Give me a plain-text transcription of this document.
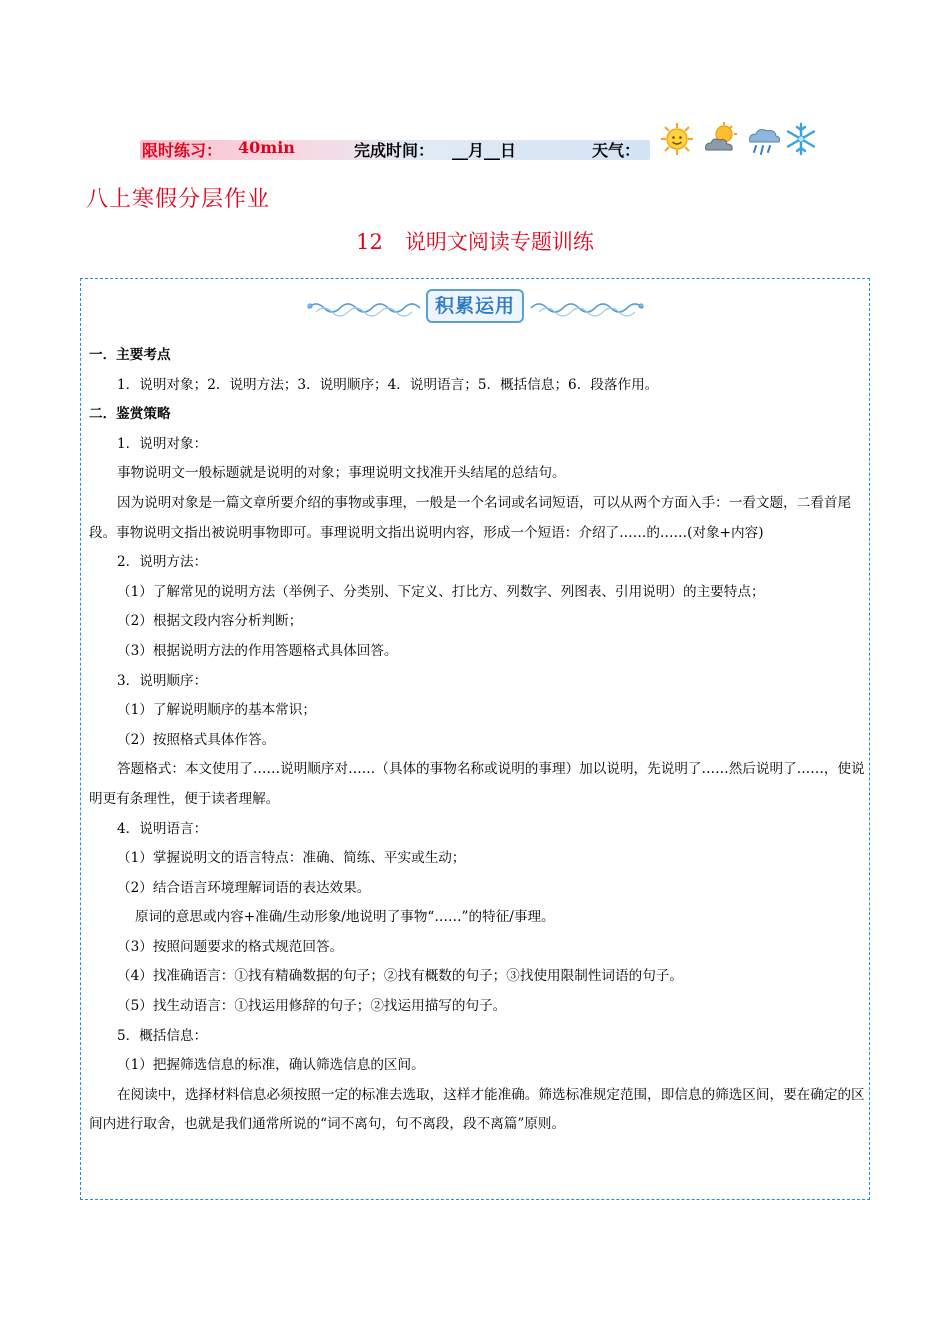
限时练习： 40min	完成时间： __月__日	天气：
八上寒假分层作业
12 说明文阅读专题训练
积累运用

一．主要考点

1．说明对象；2．说明方法；3．说明顺序；4．说明语言；5．概括信息；6．段落作用。

二．鉴赏策略

1．说明对象：

事物说明文一般标题就是说明的对象；事理说明文找准开头结尾的总结句。

因为说明对象是一篇文章所要介绍的事物或事理，一般是一个名词或名词短语，可以从两个方面入手：一看文题，二看首尾段。事物说明文指出被说明事物即可。事理说明文指出说明内容，形成一个短语：介绍了……的……(对象+内容)

2．说明方法：

（1）了解常见的说明方法（举例子、分类别、下定义、打比方、列数字、列图表、引用说明）的主要特点；

（2）根据文段内容分析判断；

（3）根据说明方法的作用答题格式具体回答。

3．说明顺序：

（1）了解说明顺序的基本常识；

（2）按照格式具体作答。

答题格式：本文使用了……说明顺序对……（具体的事物名称或说明的事理）加以说明，先说明了……然后说明了……，使说明更有条理性，便于读者理解。

4．说明语言：

（1）掌握说明文的语言特点：准确、简练、平实或生动；

（2）结合语言环境理解词语的表达效果。

原词的意思或内容+准确/生动形象/地说明了事物“……”的特征/事理。

（3）按照问题要求的格式规范回答。

（4）找准确语言：①找有精确数据的句子；②找有概数的句子；③找使用限制性词语的句子。

（5）找生动语言：①找运用修辞的句子；②找运用描写的句子。

5．概括信息：

（1）把握筛选信息的标准，确认筛选信息的区间。

在阅读中，选择材料信息必须按照一定的标准去选取，这样才能准确。筛选标准规定范围，即信息的筛选区间，要在确定的区间内进行取舍，也就是我们通常所说的“词不离句，句不离段，段不离篇”原则。
